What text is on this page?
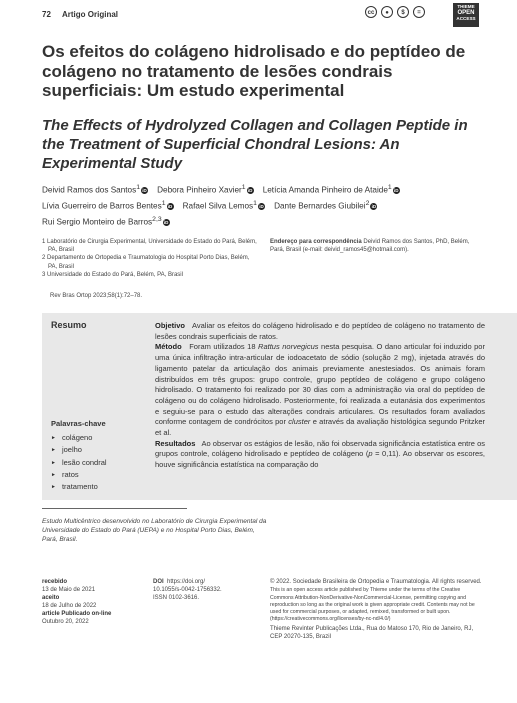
72 Artigo Original	cc	●	$	=
THIEME
OPEN
ACCESS
Os efeitos do colágeno hidrolisado e do peptídeo de colágeno no tratamento de lesões condrais superficiais: Um estudo experimental
The Effects of Hydrolyzed Collagen and Collagen Peptide in the Treatment of Superficial Chondral Lesions: An Experimental Study
Deivid Ramos dos Santos$^1$ iD Debora Pinheiro Xavier$^1$ iD Letícia Amanda Pinheiro de Ataide$^1$ iD
Lívia Guerreiro de Barros Bentes$^1$ iD Rafael Silva Lemos$^1$ iD Dante Bernardes Giubilei$^2$ iD
Rui Sergio Monteiro de Barros$^{2,3}$ iD
1 Laboratório de Cirurgia Experimental, Universidade do Estado do Pará, Belém, PA, Brasil
2 Departamento de Ortopedia e Traumatologia do Hospital Porto Dias, Belém, PA, Brasil
3 Universidade do Estado do Pará, Belém, PA, Brasil
Endereço para correspondência Deivid Ramos dos Santos, PhD, Belém, Pará, Brasil (e-mail: deivid_ramos45@hotmail.com).
Rev Bras Ortop 2023;58(1):72–78.
Resumo
Palavras-chave
► colágeno
► joelho
► lesão condral
► ratos
► tratamento

Objetivo Avaliar os efeitos do colágeno hidrolisado e do peptídeo de colágeno no tratamento de lesões condrais superficiais de ratos.

Método Foram utilizados 18 Rattus norvegicus nesta pesquisa. O dano articular foi induzido por uma única infiltração intra-articular de iodoacetato de sódio (solução 2 mg), injetada através do ligamento patelar da articulação dos animais previamente anestesiados. Os animais foram distribuídos em três grupos: grupo controle, grupo peptídeo de colágeno e grupo colágeno hidrolisado. O tratamento foi realizado por 30 dias com a administração via oral do peptídeo de colágeno ou do colágeno hidrolisado. Posteriormente, foi realizada a eutanásia dos experimentos e seguiu-se para o estudo das alterações condrais articulares. Os resultados foram avaliados conforme contagem de condrócitos por cluster e através da avaliação histológica segundo Pritzker et al.

Resultados Ao observar os estágios de lesão, não foi observada significância estatística entre os grupos controle, colágeno hidrolisado e peptídeo de colágeno (p = 0,11). Ao observar os escores, houve significância estatística na comparação do

Estudo Multicêntrico desenvolvido no Laboratório de Cirurgia Experimental da Universidade do Estado do Pará (UEPA) e no Hospital Porto Dias, Belém, Pará, Brasil.
recebido
13 de Maio de 2021
aceito
18 de Julho de 2022
article Publicado on-line
Outubro 20, 2022
DOI https://doi.org/
10.1055/s-0042-1756332.
ISSN 0102-3616.
© 2022. Sociedade Brasileira de Ortopedia e Traumatologia. All rights reserved.
This is an open access article published by Thieme under the terms of the Creative Commons Attribution-NonDerivative-NonCommercial-License, permitting copying and reproduction so long as the original work is given appropriate credit. Contents may not be used for commercial purposes, or adapted, remixed, transformed or built upon. (https://creativecommons.org/licenses/by-nc-nd/4.0/)
Thieme Revinter Publicações Ltda., Rua do Matoso 170, Rio de Janeiro, RJ, CEP 20270-135, Brazil
